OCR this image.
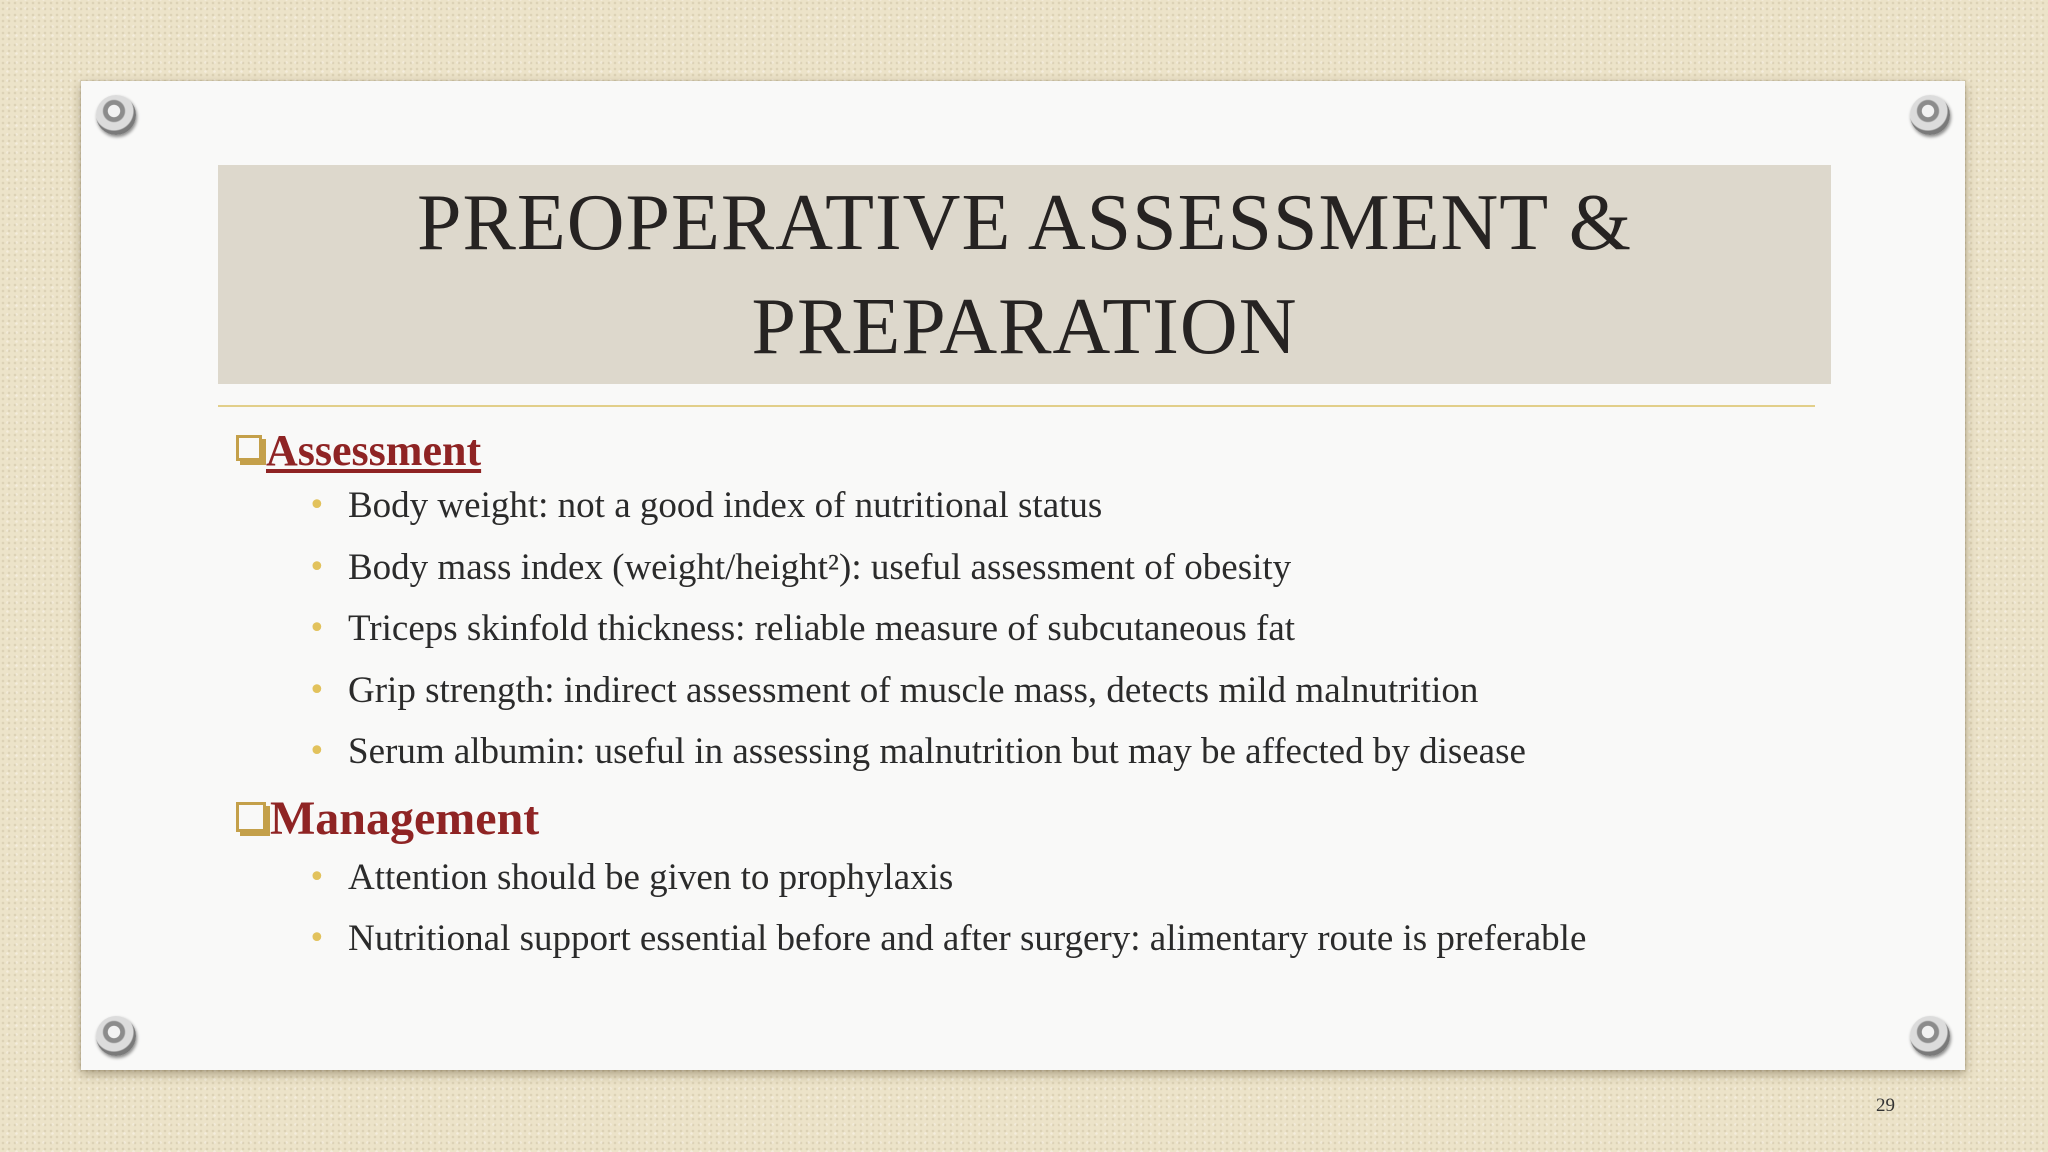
PREOPERATIVE ASSESSMENT &
PREPARATION
Assessment
• Body weight: not a good index of nutritional status
• Body mass index (weight/height²): useful assessment of obesity
• Triceps skinfold thickness: reliable measure of subcutaneous fat
• Grip strength: indirect assessment of muscle mass, detects mild malnutrition
• Serum albumin: useful in assessing malnutrition but may be affected by disease
Management
• Attention should be given to prophylaxis
• Nutritional support essential before and after surgery: alimentary route is preferable
29
